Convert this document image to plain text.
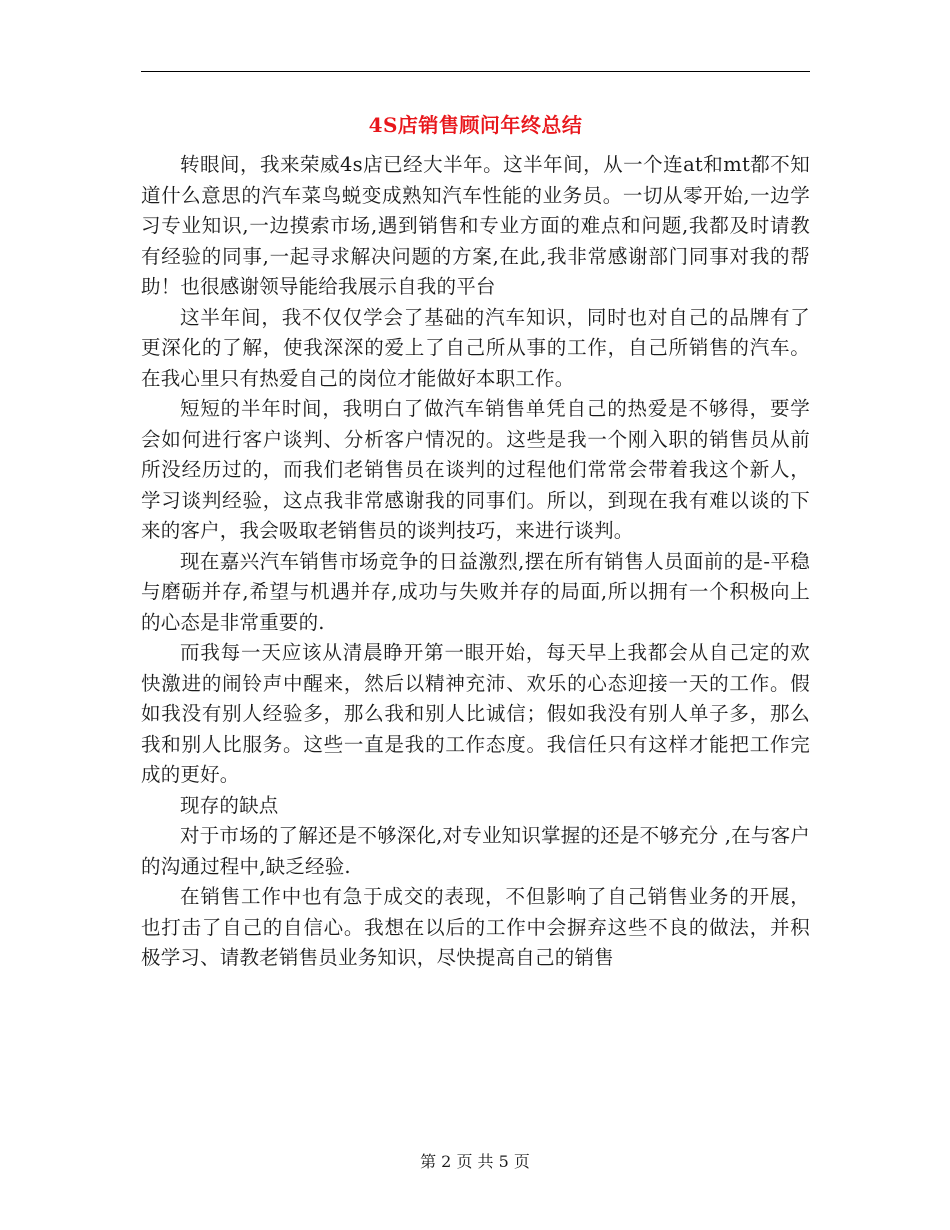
4S店销售顾问年终总结

转眼间，我来荣威4s店已经大半年。这半年间，从一个连at和mt都不知道什么意思的汽车菜鸟蜕变成熟知汽车性能的业务员。一切从零开始,一边学习专业知识,一边摸索市场,遇到销售和专业方面的难点和问题,我都及时请教有经验的同事,一起寻求解决问题的方案,在此,我非常感谢部门同事对我的帮助！也很感谢领导能给我展示自我的平台

这半年间，我不仅仅学会了基础的汽车知识，同时也对自己的品牌有了更深化的了解，使我深深的爱上了自己所从事的工作，自己所销售的汽车。在我心里只有热爱自己的岗位才能做好本职工作。

短短的半年时间，我明白了做汽车销售单凭自己的热爱是不够得，要学会如何进行客户谈判、分析客户情况的。这些是我一个刚入职的销售员从前所没经历过的，而我们老销售员在谈判的过程他们常常会带着我这个新人，学习谈判经验，这点我非常感谢我的同事们。所以，到现在我有难以谈的下来的客户，我会吸取老销售员的谈判技巧，来进行谈判。

现在嘉兴汽车销售市场竞争的日益激烈,摆在所有销售人员面前的是-平稳与磨砺并存,希望与机遇并存,成功与失败并存的局面,所以拥有一个积极向上的心态是非常重要的.

而我每一天应该从清晨睁开第一眼开始，每天早上我都会从自己定的欢快激进的闹铃声中醒来，然后以精神充沛、欢乐的心态迎接一天的工作。假如我没有别人经验多，那么我和别人比诚信；假如我没有别人单子多，那么我和别人比服务。这些一直是我的工作态度。我信任只有这样才能把工作完成的更好。

现存的缺点

对于市场的了解还是不够深化,对专业知识掌握的还是不够充分 ,在与客户的沟通过程中,缺乏经验.

在销售工作中也有急于成交的表现，不但影响了自己销售业务的开展，也打击了自己的自信心。我想在以后的工作中会摒弃这些不良的做法，并积极学习、请教老销售员业务知识，尽快提高自己的销售

第 2 页 共 5 页
